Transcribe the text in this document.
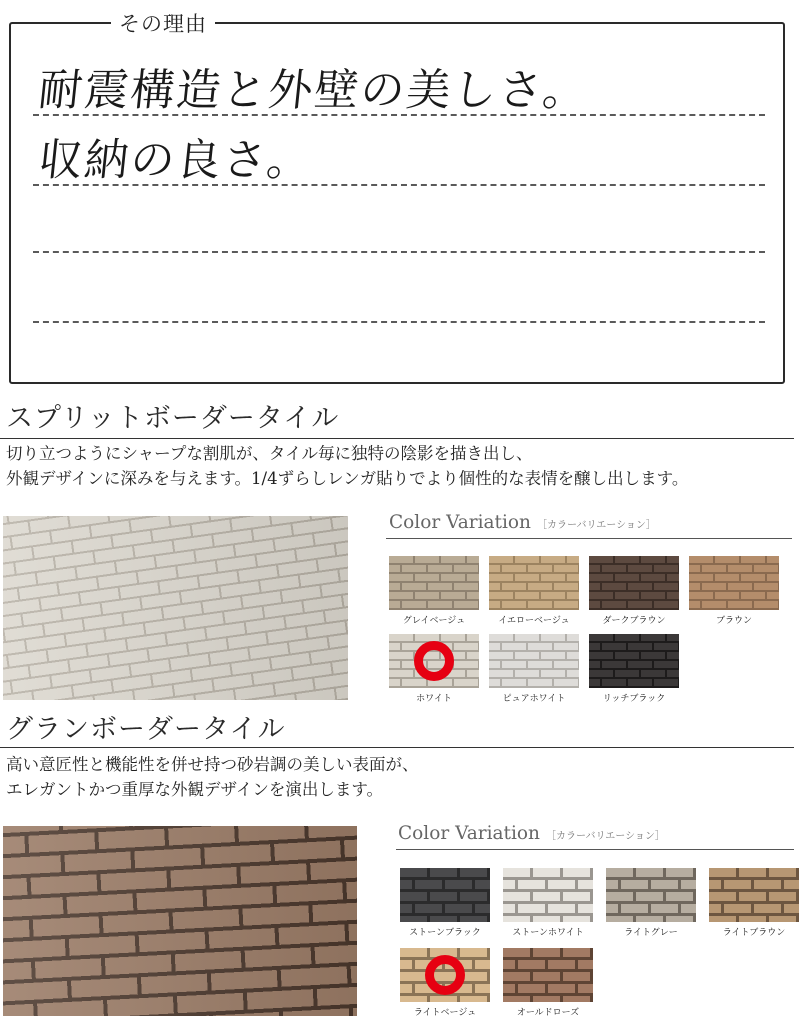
その理由
耐震構造と外壁の美しさ。
収納の良さ。
スプリットボーダータイル
切り立つようにシャープな割肌が、タイル毎に独特の陰影を描き出し、
外観デザインに深みを与えます。1/4ずらしレンガ貼りでより個性的な表情を醸し出します。
Color Variation ［カラーバリエーション］
グレイベージュ	イエローベージュ	ダークブラウン	ブラウン
ホワイト	ピュアホワイト	リッチブラック
グランボーダータイル
高い意匠性と機能性を併せ持つ砂岩調の美しい表面が、
エレガントかつ重厚な外観デザインを演出します。
Color Variation ［カラーバリエーション］
ストーンブラック	ストーンホワイト	ライトグレー	ライトブラウン
ライトベージュ	オールドローズ
